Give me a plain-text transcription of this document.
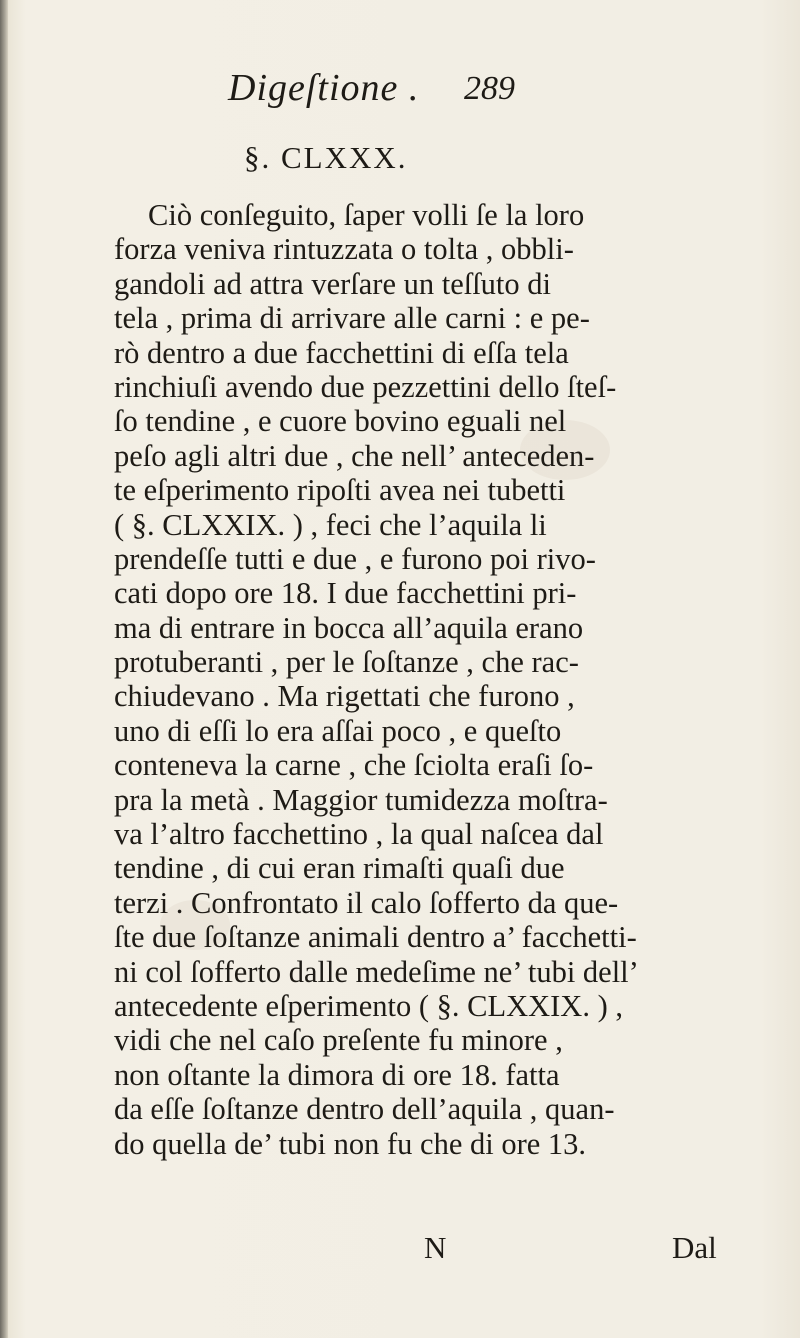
Digeſtione . 289
§. CLXXX.
Ciò conſeguito, ſaper volli ſe la loro
forza veniva rintuzzata o tolta , obbli-
gandoli ad attra verſare un teſſuto di
tela , prima di arrivare alle carni : e pe-
rò dentro a due facchettini di eſſa tela
rinchiuſi avendo due pezzettini dello ſteſ-
ſo tendine , e cuore bovino eguali nel
peſo agli altri due , che nell’ anteceden-
te eſperimento ripoſti avea nei tubetti
( §. CLXXIX. ) , feci che l’aquila li
prendeſſe tutti e due , e furono poi rivo-
cati dopo ore 18. I due facchettini pri-
ma di entrare in bocca all’aquila erano
protuberanti , per le ſoſtanze , che rac-
chiudevano . Ma rigettati che furono ,
uno di eſſi lo era aſſai poco , e queſto
conteneva la carne , che ſciolta eraſi ſo-
pra la metà . Maggior tumidezza moſtra-
va l’altro facchettino , la qual naſcea dal
tendine , di cui eran rimaſti quaſi due
terzi . Confrontato il calo ſofferto da que-
ſte due ſoſtanze animali dentro a’ facchetti-
ni col ſofferto dalle medeſime ne’ tubi dell’
antecedente eſperimento ( §. CLXXIX. ) ,
vidi che nel caſo preſente fu minore ,
non oſtante la dimora di ore 18. fatta
da eſſe ſoſtanze dentro dell’aquila , quan-
do quella de’ tubi non fu che di ore 13.
N	Dal
